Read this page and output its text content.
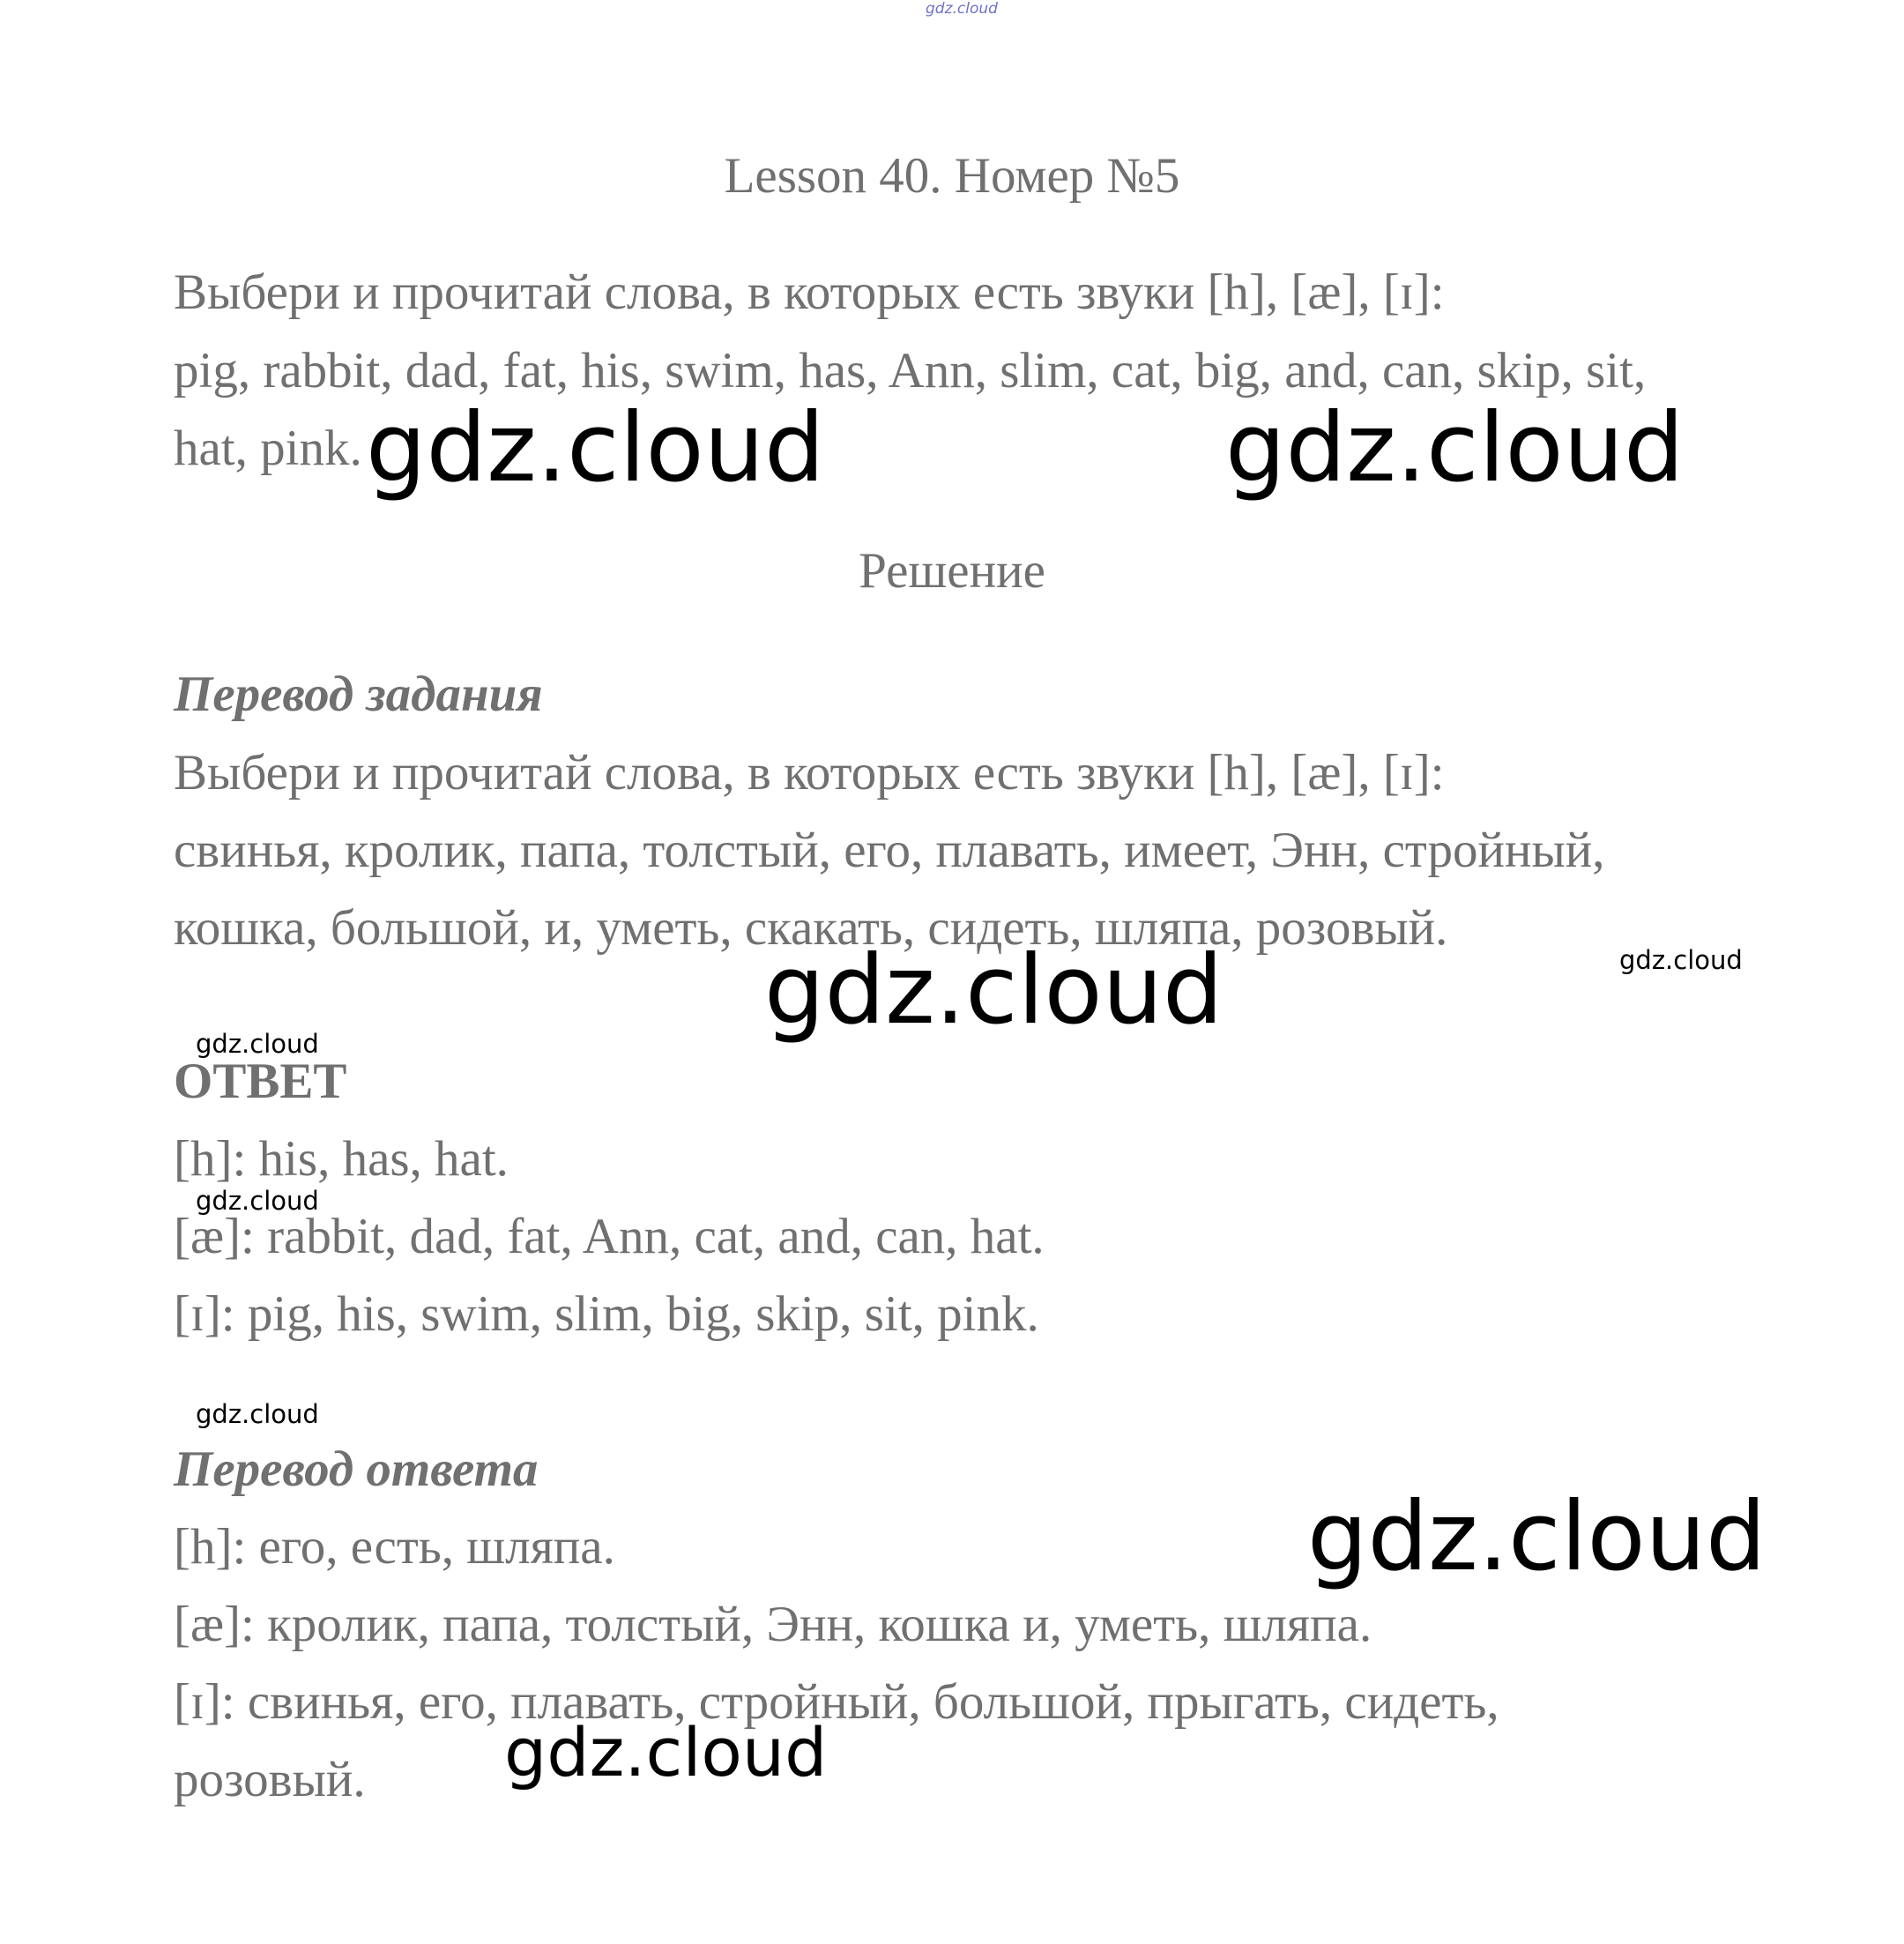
gdz.cloud

Lesson 40. Номер №5

Выбери и прочитай слова, в которых есть звуки [h], [æ], [ɪ]:

pig, rabbit, dad, fat, his, swim, has, Ann, slim, cat, big, and, can, skip, sit,

hat, pink. gdz.cloud	gdz.cloud

Решение

Перевод задания

Выбери и прочитай слова, в которых есть звуки [h], [æ], [ɪ]:

свинья, кролик, папа, толстый, его, плавать, имеет, Энн, стройный,

кошка, большой, и, уметь, скакать, сидеть, шляпа, розовый.

gdz.cloud

gdz.cloud

gdz.cloud

ОТВЕТ

[h]: his, has, hat.

gdz.cloud

[æ]: rabbit, dad, fat, Ann, cat, and, can, hat.

[ɪ]: pig, his, swim, slim, big, skip, sit, pink.

gdz.cloud

Перевод ответа

[h]: его, есть, шляпа.	gdz.cloud

[æ]: кролик, папа, толстый, Энн, кошка и, уметь, шляпа.

[ɪ]: свинья, его, плавать, стройный, большой, прыгать, сидеть,

розовый. gdz.cloud
